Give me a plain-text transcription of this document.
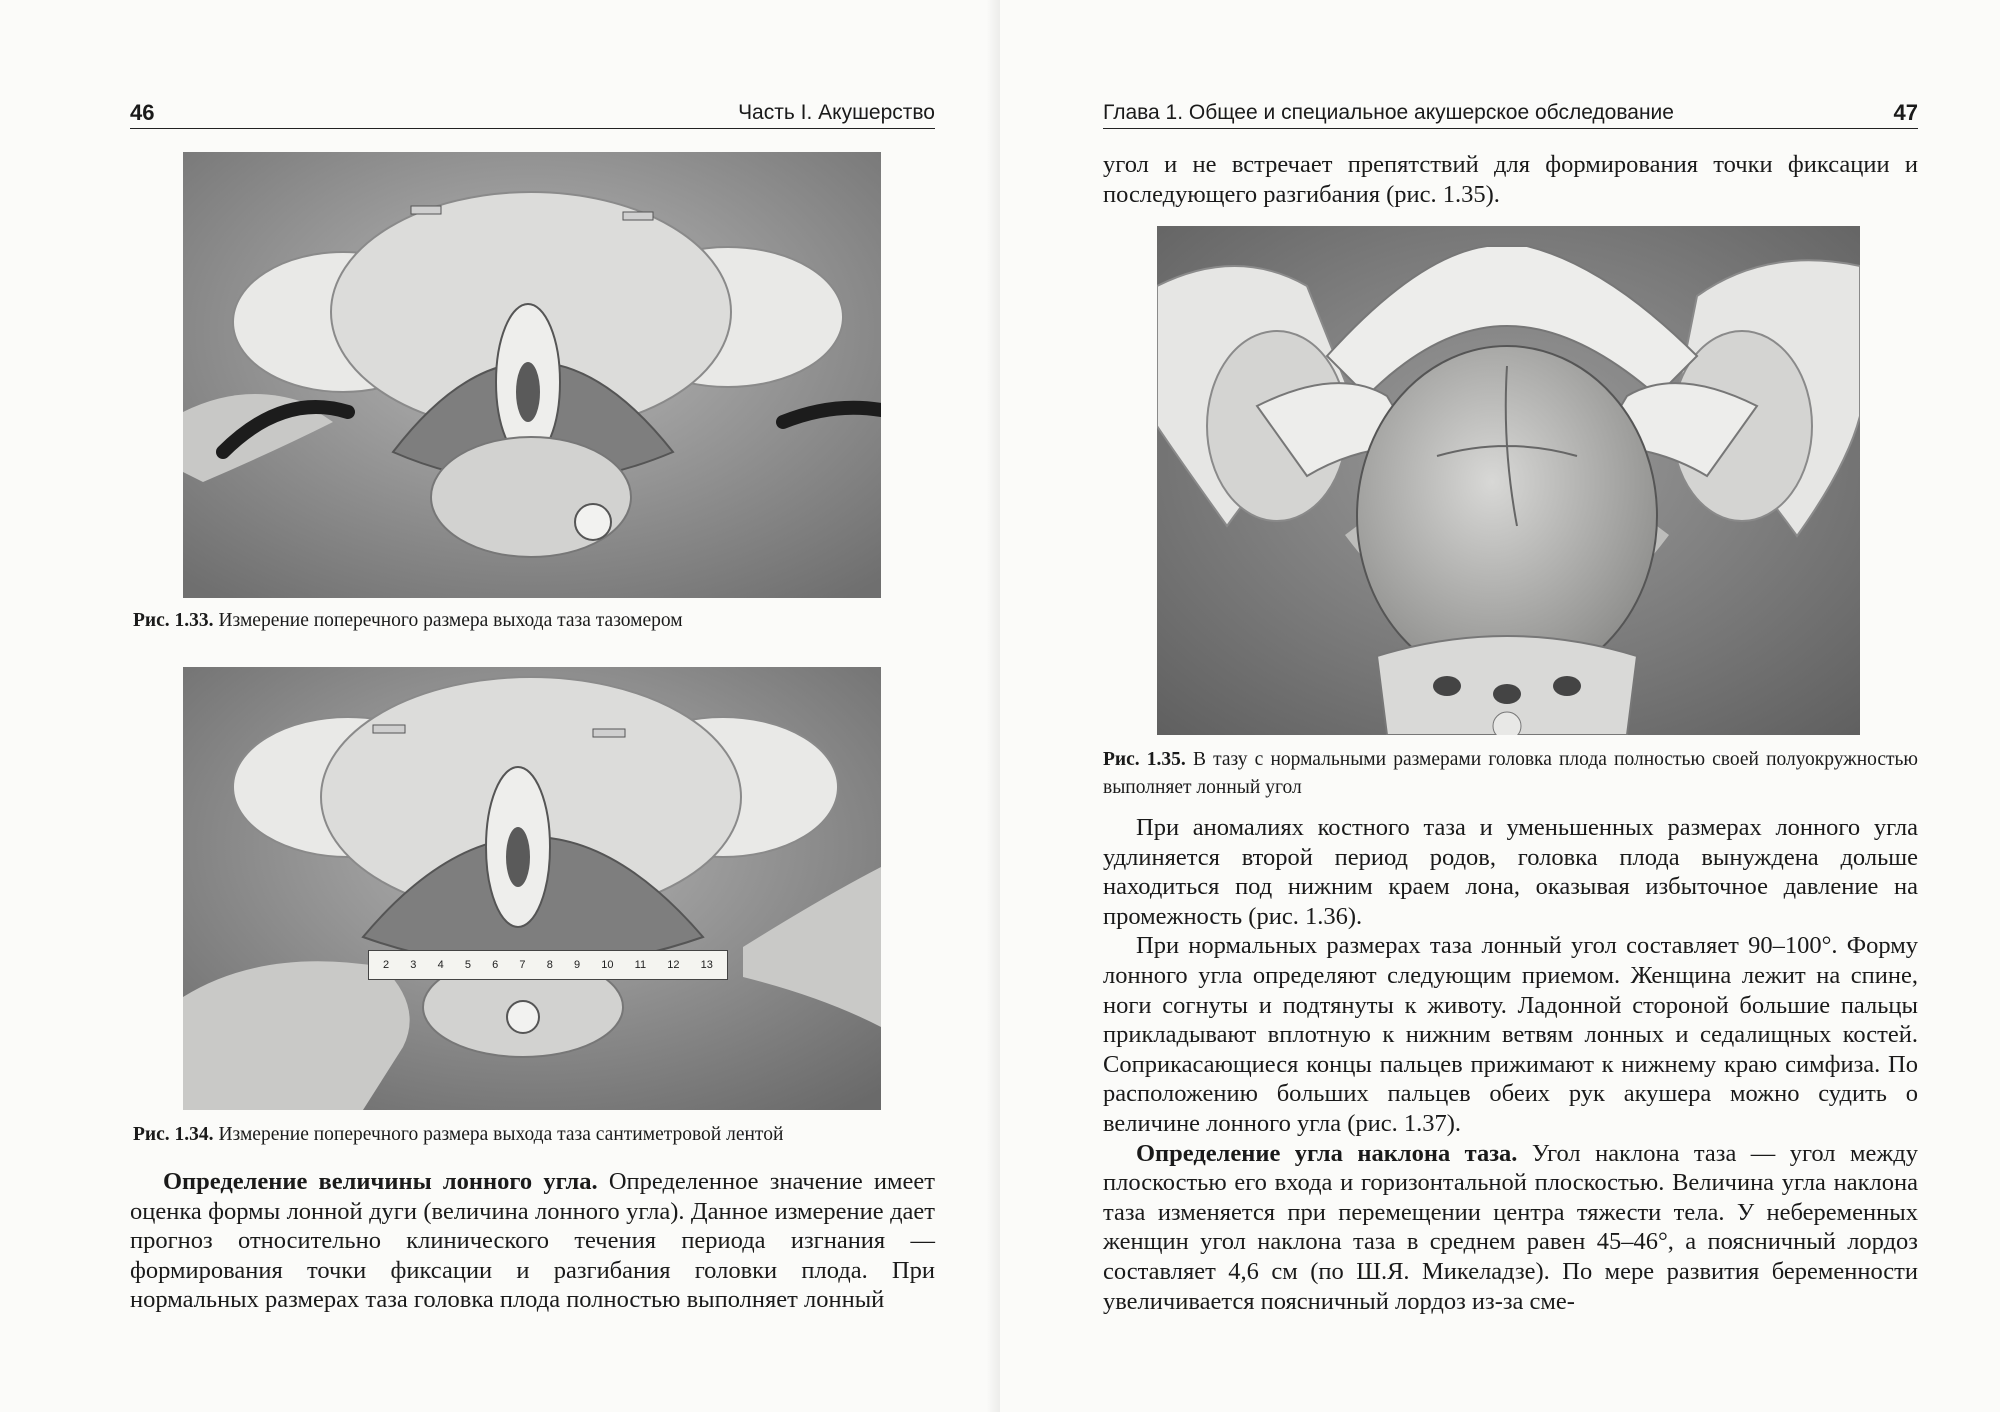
46	Часть I. Акушерство
Рис. 1.33. Измерение поперечного размера выхода таза тазомером
2 3 4 5 6 7 8 9 10 11 12 13
Рис. 1.34. Измерение поперечного размера выхода таза сантиметровой лентой

Определение величины лонного угла. Определенное значение имеет оценка формы лонной дуги (величина лонного угла). Данное измерение дает прогноз относительно клинического течения периода изгнания — формирования точки фиксации и разгибания головки плода. При нормальных размерах таза головка плода полностью выполняет лонный

Глава 1. Общее и специальное акушерское обследование	47

угол и не встречает препятствий для формирования точки фиксации и последующего разгибания (рис. 1.35).

Рис. 1.35. В тазу с нормальными размерами головка плода полностью своей полуокружностью выполняет лонный угол

При аномалиях костного таза и уменьшенных размерах лонного угла удлиняется второй период родов, головка плода вынуждена дольше находиться под нижним краем лона, оказывая избыточное давление на промежность (рис. 1.36).

При нормальных размерах таза лонный угол составляет 90–100°. Форму лонного угла определяют следующим приемом. Женщина лежит на спине, ноги согнуты и подтянуты к животу. Ладонной стороной большие пальцы прикладывают вплотную к нижним ветвям лонных и седалищных костей. Соприкасающиеся концы пальцев прижимают к нижнему краю симфиза. По расположению больших пальцев обеих рук акушера можно судить о величине лонного угла (рис. 1.37).

Определение угла наклона таза. Угол наклона таза — угол между плоскостью его входа и горизонтальной плоскостью. Величина угла наклона таза изменяется при перемещении центра тяжести тела. У небеременных женщин угол наклона таза в среднем равен 45–46°, а поясничный лордоз составляет 4,6 см (по Ш.Я. Микеладзе). По мере развития беременности увеличивается поясничный лордоз из-за сме-
